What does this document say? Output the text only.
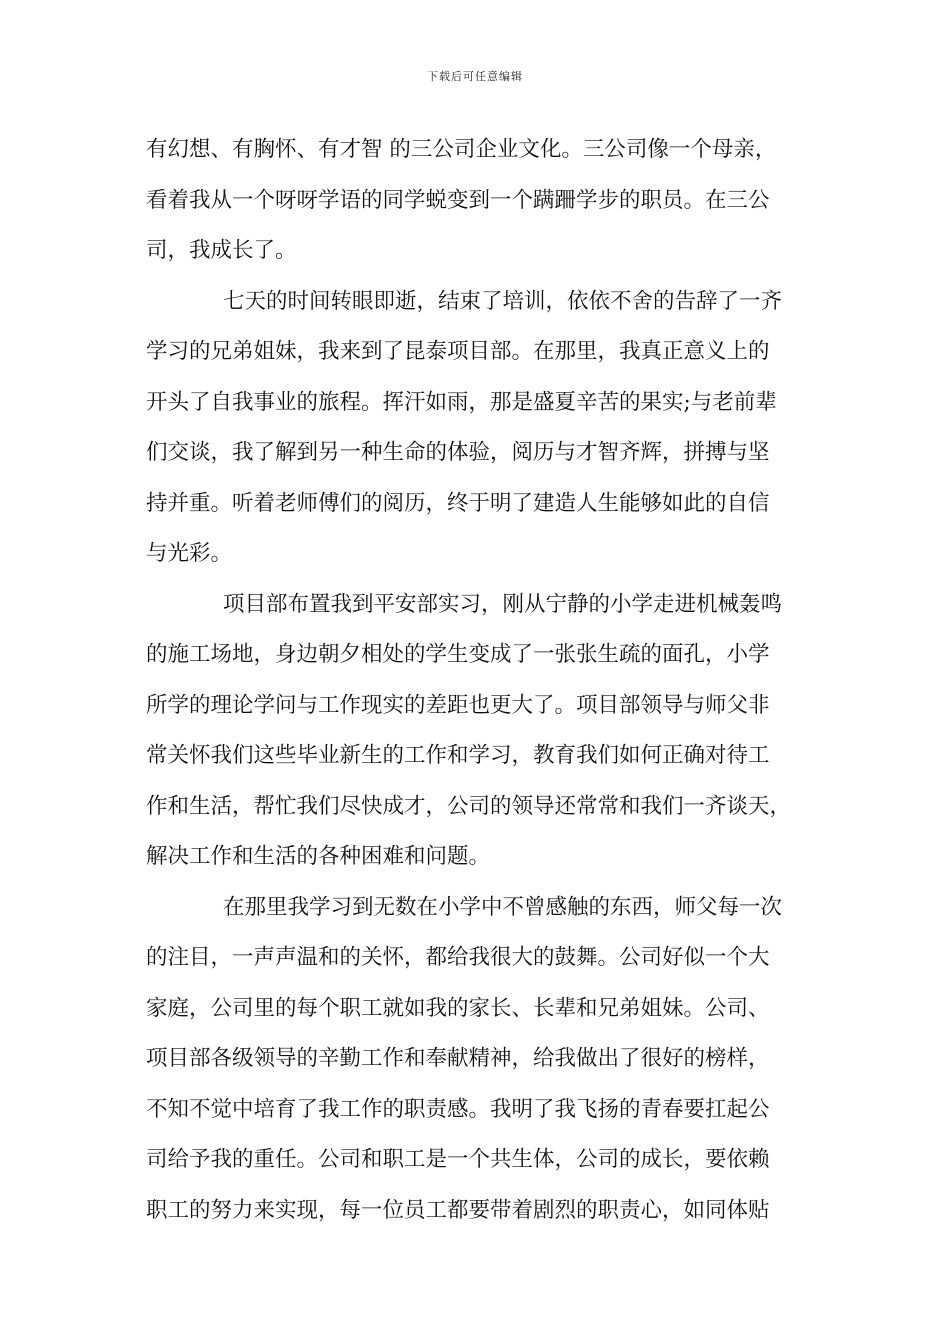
下载后可任意编辑
有幻想、有胸怀、有才智 的三公司企业文化。三公司像一个母亲，
看着我从一个呀呀学语的同学蜕变到一个蹒跚学步的职员。在三公
司，我成长了。
七天的时间转眼即逝，结束了培训，依依不舍的告辞了一齐
学习的兄弟姐妹，我来到了昆泰项目部。在那里，我真正意义上的
开头了自我事业的旅程。挥汗如雨，那是盛夏辛苦的果实;与老前辈
们交谈，我了解到另一种生命的体验，阅历与才智齐辉，拼搏与坚
持并重。听着老师傅们的阅历，终于明了建造人生能够如此的自信
与光彩。
项目部布置我到平安部实习，刚从宁静的小学走进机械轰鸣
的施工场地，身边朝夕相处的学生变成了一张张生疏的面孔，小学
所学的理论学问与工作现实的差距也更大了。项目部领导与师父非
常关怀我们这些毕业新生的工作和学习，教育我们如何正确对待工
作和生活，帮忙我们尽快成才，公司的领导还常常和我们一齐谈天，
解决工作和生活的各种困难和问题。
在那里我学习到无数在小学中不曾感触的东西，师父每一次
的注目，一声声温和的关怀，都给我很大的鼓舞。公司好似一个大
家庭，公司里的每个职工就如我的家长、长辈和兄弟姐妹。公司、
项目部各级领导的辛勤工作和奉献精神，给我做出了很好的榜样，
不知不觉中培育了我工作的职责感。我明了我飞扬的青春要扛起公
司给予我的重任。公司和职工是一个共生体，公司的成长，要依赖
职工的努力来实现，每一位员工都要带着剧烈的职责心，如同体贴
